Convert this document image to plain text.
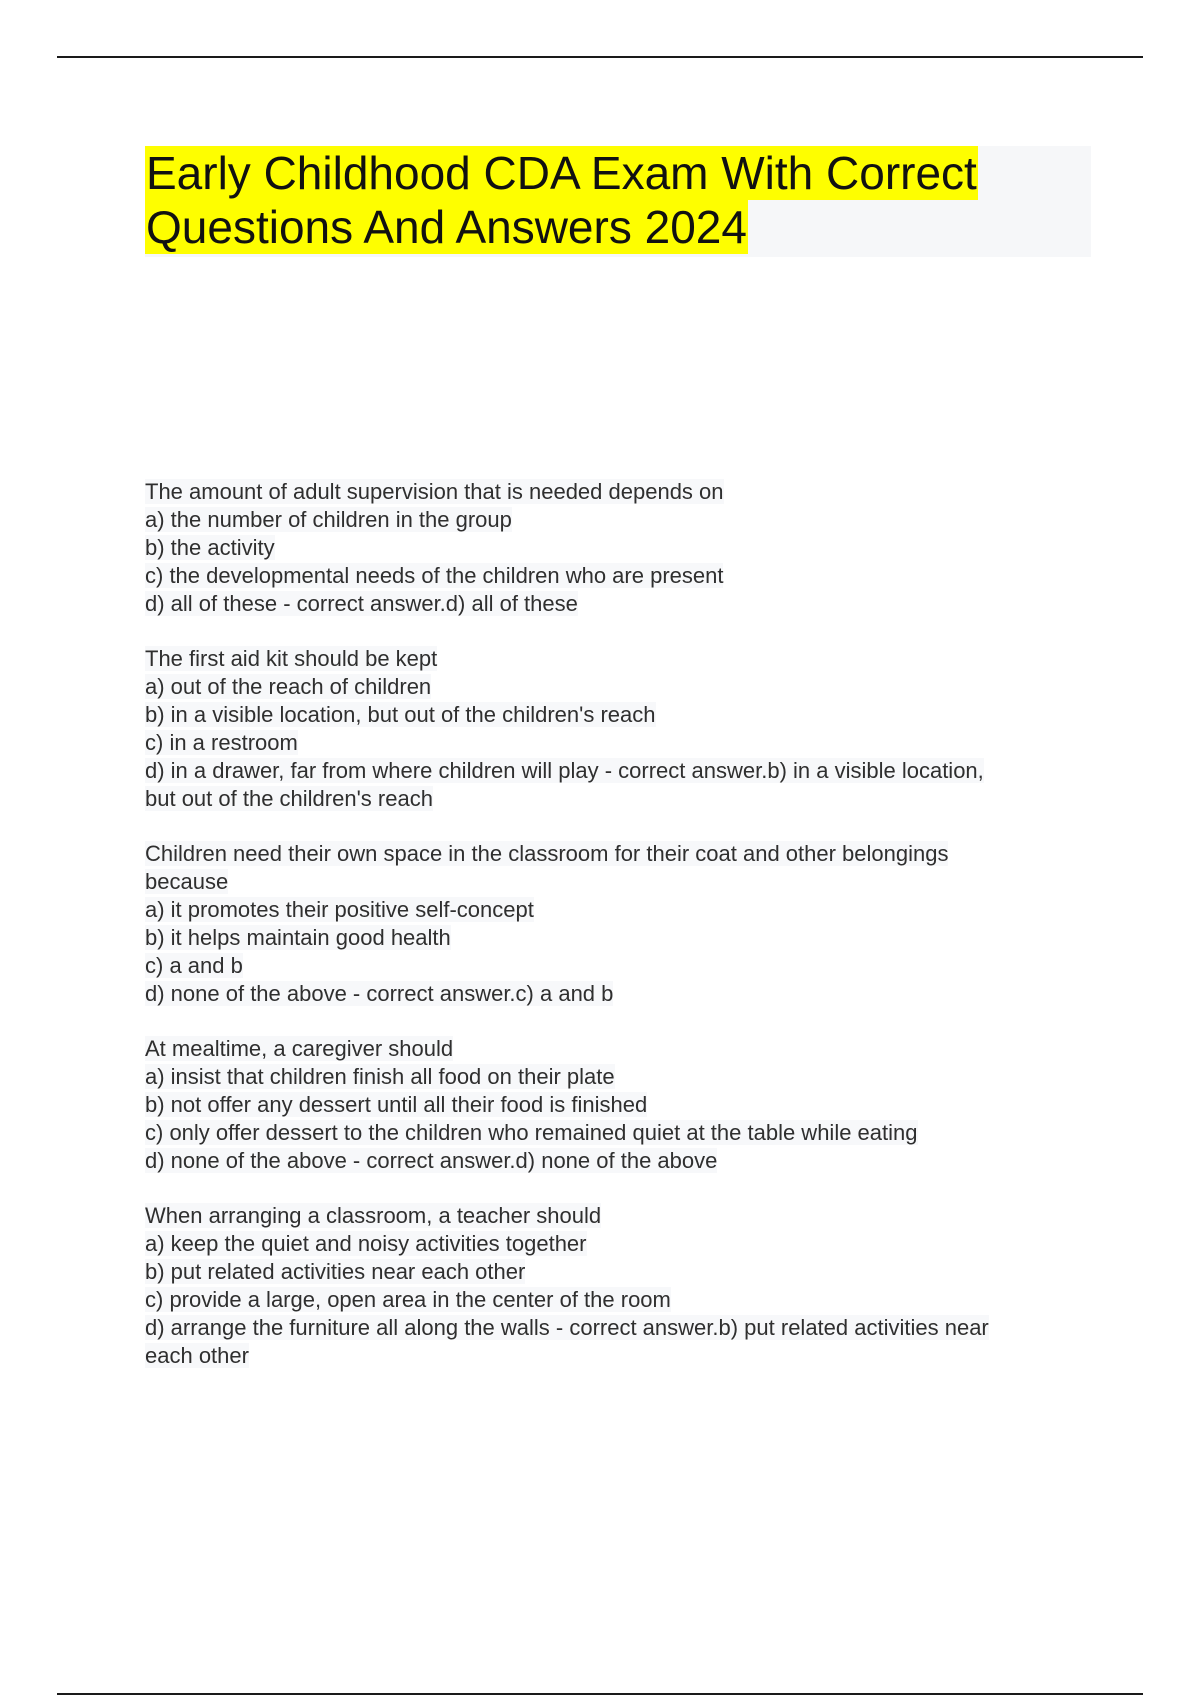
Early Childhood CDA Exam With Correct
Questions And Answers 2024
The amount of adult supervision that is needed depends on
a) the number of children in the group
b) the activity
c) the developmental needs of the children who are present
d) all of these - correct answer.d) all of these
The first aid kit should be kept
a) out of the reach of children
b) in a visible location, but out of the children's reach
c) in a restroom
d) in a drawer, far from where children will play - correct answer.b) in a visible location,
but out of the children's reach
Children need their own space in the classroom for their coat and other belongings
because
a) it promotes their positive self-concept
b) it helps maintain good health
c) a and b
d) none of the above - correct answer.c) a and b
At mealtime, a caregiver should
a) insist that children finish all food on their plate
b) not offer any dessert until all their food is finished
c) only offer dessert to the children who remained quiet at the table while eating
d) none of the above - correct answer.d) none of the above
When arranging a classroom, a teacher should
a) keep the quiet and noisy activities together
b) put related activities near each other
c) provide a large, open area in the center of the room
d) arrange the furniture all along the walls - correct answer.b) put related activities near
each other
